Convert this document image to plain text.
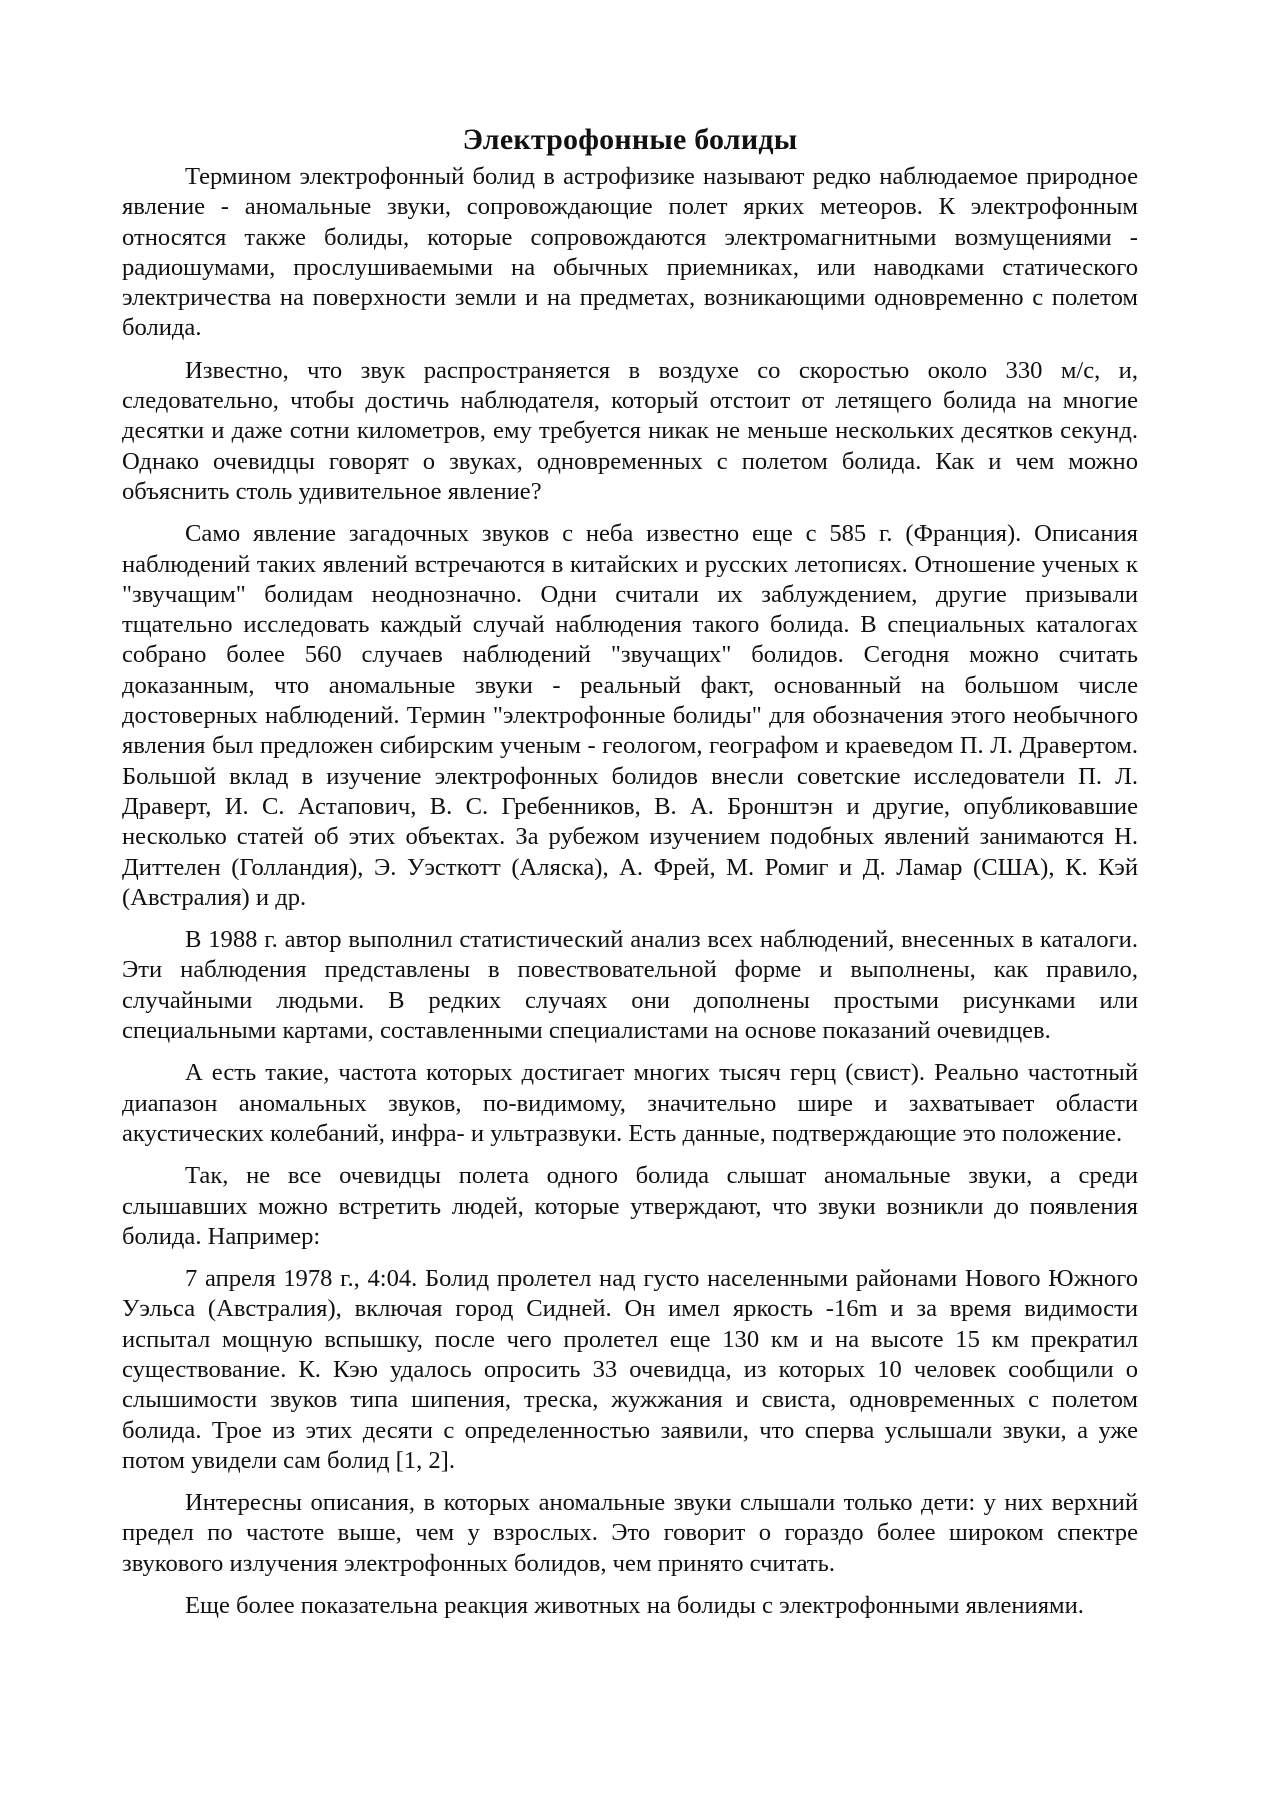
Электрофонные болиды

Термином электрофонный болид в астрофизике называют редко наблюдаемое природное явление - аномальные звуки, сопровождающие полет ярких метеоров. К электрофонным относятся также болиды, которые сопровождаются электромагнитными возмущениями - радиошумами, прослушиваемыми на обычных приемниках, или наводками статического электричества на поверхности земли и на предметах, возникающими одновременно с полетом болида.

Известно, что звук распространяется в воздухе со скоростью около 330 м/с, и, следовательно, чтобы достичь наблюдателя, который отстоит от летящего болида на многие десятки и даже сотни километров, ему требуется никак не меньше нескольких десятков секунд. Однако очевидцы говорят о звуках, одновременных с полетом болида. Как и чем можно объяснить столь удивительное явление?

Само явление загадочных звуков с неба известно еще с 585 г. (Франция). Описания наблюдений таких явлений встречаются в китайских и русских летописях. Отношение ученых к "звучащим" болидам неоднозначно. Одни считали их заблуждением, другие призывали тщательно исследовать каждый случай наблюдения такого болида. В специальных каталогах собрано более 560 случаев наблюдений "звучащих" болидов. Сегодня можно считать доказанным, что аномальные звуки - реальный факт, основанный на большом числе достоверных наблюдений. Термин "электрофонные болиды" для обозначения этого необычного явления был предложен сибирским ученым - геологом, географом и краеведом П. Л. Дравертом. Большой вклад в изучение электрофонных болидов внесли советские исследователи П. Л. Драверт, И. С. Астапович, В. С. Гребенников, В. А. Бронштэн и другие, опубликовавшие несколько статей об этих объектах. За рубежом изучением подобных явлений занимаются Н. Диттелен (Голландия), Э. Уэсткотт (Аляска), А. Фрей, М. Ромиг и Д. Ламар (США), К. Кэй (Австралия) и др.

В 1988 г. автор выполнил статистический анализ всех наблюдений, внесенных в каталоги. Эти наблюдения представлены в повествовательной форме и выполнены, как правило, случайными людьми. В редких случаях они дополнены простыми рисунками или специальными картами, составленными специалистами на основе показаний очевидцев.

А есть такие, частота которых достигает многих тысяч герц (свист). Реально частотный диапазон аномальных звуков, по-видимому, значительно шире и захватывает области акустических колебаний, инфра- и ультразвуки. Есть данные, подтверждающие это положение.

Так, не все очевидцы полета одного болида слышат аномальные звуки, а среди слышавших можно встретить людей, которые утверждают, что звуки возникли до появления болида. Например:

7 апреля 1978 г., 4:04. Болид пролетел над густо населенными районами Нового Южного Уэльса (Австралия), включая город Сидней. Он имел яркость -16m и за время видимости испытал мощную вспышку, после чего пролетел еще 130 км и на высоте 15 км прекратил существование. К. Кэю удалось опросить 33 очевидца, из которых 10 человек сообщили о слышимости звуков типа шипения, треска, жужжания и свиста, одновременных с полетом болида. Трое из этих десяти с определенностью заявили, что сперва услышали звуки, а уже потом увидели сам болид [1, 2].

Интересны описания, в которых аномальные звуки слышали только дети: у них верхний предел по частоте выше, чем у взрослых. Это говорит о гораздо более широком спектре звукового излучения электрофонных болидов, чем принято считать.

Еще более показательна реакция животных на болиды с электрофонными явлениями.
